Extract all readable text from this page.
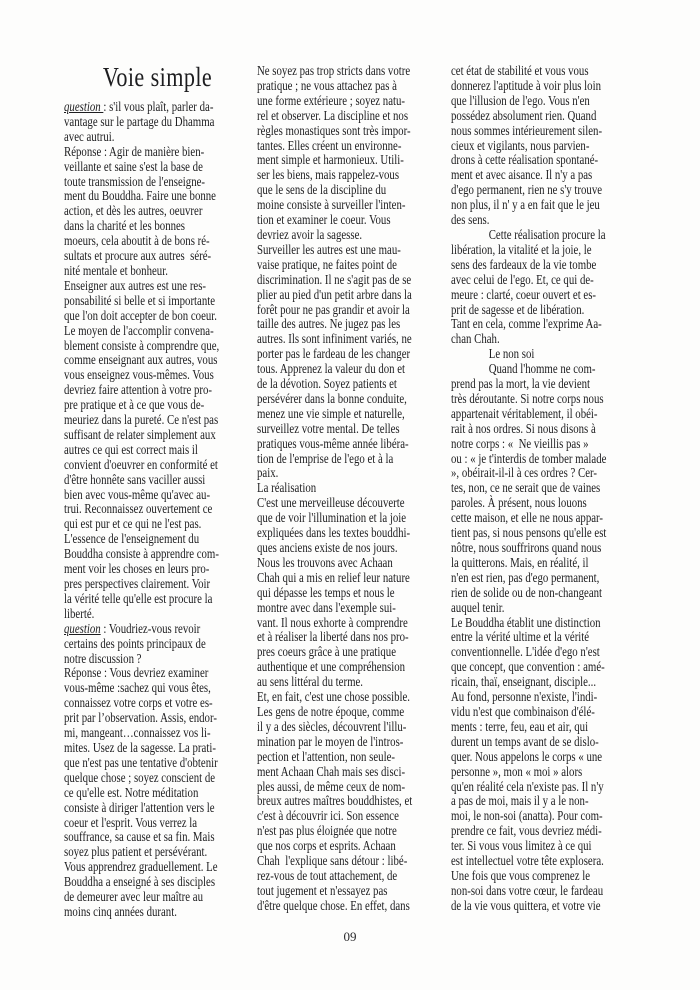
Voie simple
question : s'il vous plaît, parler da-
vantage sur le partage du Dhamma
avec autrui.
Réponse : Agir de manière bien-
veillante et saine s'est la base de
toute transmission de l'enseigne-
ment du Bouddha. Faire une bonne
action, et dès les autres, oeuvrer
dans la charité et les bonnes
moeurs, cela aboutit à de bons ré-
sultats et procure aux autres  séré-
nité mentale et bonheur.
Enseigner aux autres est une res-
ponsabilité si belle et si importante
que l'on doit accepter de bon coeur.
Le moyen de l'accomplir convena-
blement consiste à comprendre que,
comme enseignant aux autres, vous
vous enseignez vous-mêmes. Vous
devriez faire attention à votre pro-
pre pratique et à ce que vous de-
meuriez dans la pureté. Ce n'est pas
suffisant de relater simplement aux
autres ce qui est correct mais il
convient d'oeuvrer en conformité et
d'être honnête sans vaciller aussi
bien avec vous-même qu'avec au-
trui. Reconnaissez ouvertement ce
qui est pur et ce qui ne l'est pas.
L'essence de l'enseignement du
Bouddha consiste à apprendre com-
ment voir les choses en leurs pro-
pres perspectives clairement. Voir
la vérité telle qu'elle est procure la
liberté.
question : Voudriez-vous revoir
certains des points principaux de
notre discussion ?
Réponse : Vous devriez examiner
vous-même :sachez qui vous êtes,
connaissez votre corps et votre es-
prit par l’observation. Assis, endor-
mi, mangeant…connaissez vos li-
mites. Usez de la sagesse. La prati-
que n'est pas une tentative d'obtenir
quelque chose ; soyez conscient de
ce qu'elle est. Notre méditation
consiste à diriger l'attention vers le
coeur et l'esprit. Vous verrez la
souffrance, sa cause et sa fin. Mais
soyez plus patient et persévérant.
Vous apprendrez graduellement. Le
Bouddha a enseigné à ses disciples
de demeurer avec leur maître au
moins cinq années durant.
Ne soyez pas trop stricts dans votre
pratique ; ne vous attachez pas à
une forme extérieure ; soyez natu-
rel et observer. La discipline et nos
règles monastiques sont très impor-
tantes. Elles créent un environne-
ment simple et harmonieux. Utili-
ser les biens, mais rappelez-vous
que le sens de la discipline du
moine consiste à surveiller l'inten-
tion et examiner le coeur. Vous
devriez avoir la sagesse.
Surveiller les autres est une mau-
vaise pratique, ne faites point de
discrimination. Il ne s'agit pas de se
plier au pied d'un petit arbre dans la
forêt pour ne pas grandir et avoir la
taille des autres. Ne jugez pas les
autres. Ils sont infiniment variés, ne
porter pas le fardeau de les changer
tous. Apprenez la valeur du don et
de la dévotion. Soyez patients et
persévérer dans la bonne conduite,
menez une vie simple et naturelle,
surveillez votre mental. De telles
pratiques vous-même année libéra-
tion de l'emprise de l'ego et à la
paix.
La réalisation
C'est une merveilleuse découverte
que de voir l'illumination et la joie
expliquées dans les textes bouddhi-
ques anciens existe de nos jours.
Nous les trouvons avec Achaan
Chah qui a mis en relief leur nature
qui dépasse les temps et nous le
montre avec dans l'exemple sui-
vant. Il nous exhorte à comprendre
et à réaliser la liberté dans nos pro-
pres coeurs grâce à une pratique
authentique et une compréhension
au sens littéral du terme.
Et, en fait, c'est une chose possible.
Les gens de notre époque, comme
il y a des siècles, découvrent l'illu-
mination par le moyen de l'intros-
pection et l'attention, non seule-
ment Achaan Chah mais ses disci-
ples aussi, de même ceux de nom-
breux autres maîtres bouddhistes, et
c'est à découvrir ici. Son essence
n'est pas plus éloignée que notre
que nos corps et esprits. Achaan
Chah  l'explique sans détour : libé-
rez-vous de tout attachement, de
tout jugement et n'essayez pas
d'être quelque chose. En effet, dans
cet état de stabilité et vous vous
donnerez l'aptitude à voir plus loin
que l'illusion de l'ego. Vous n'en
possédez absolument rien. Quand
nous sommes intérieurement silen-
cieux et vigilants, nous parvien-
drons à cette réalisation spontané-
ment et avec aisance. Il n'y a pas
d'ego permanent, rien ne s'y trouve
non plus, il n' y a en fait que le jeu
des sens.
Cette réalisation procure la
libération, la vitalité et la joie, le
sens des fardeaux de la vie tombe
avec celui de l'ego. Et, ce qui de-
meure : clarté, coeur ouvert et es-
prit de sagesse et de libération.
Tant en cela, comme l'exprime Aa-
chan Chah.
Le non soi
Quand l'homme ne com-
prend pas la mort, la vie devient
très déroutante. Si notre corps nous
appartenait véritablement, il obéi-
rait à nos ordres. Si nous disons à
notre corps : «  Ne vieillis pas »
ou : « je t'interdis de tomber malade
», obéirait-il-il à ces ordres ? Cer-
tes, non, ce ne serait que de vaines
paroles. À présent, nous louons
cette maison, et elle ne nous appar-
tient pas, si nous pensons qu'elle est
nôtre, nous souffrirons quand nous
la quitterons. Mais, en réalité, il
n'en est rien, pas d'ego permanent,
rien de solide ou de non-changeant
auquel tenir.
Le Bouddha établit une distinction
entre la vérité ultime et la vérité
conventionnelle. L'idée d'ego n'est
que concept, que convention : amé-
ricain, thaï, enseignant, disciple...
Au fond, personne n'existe, l'indi-
vidu n'est que combinaison d'élé-
ments : terre, feu, eau et air, qui
durent un temps avant de se dislo-
quer. Nous appelons le corps « une
personne », mon « moi » alors
qu'en réalité cela n'existe pas. Il n'y
a pas de moi, mais il y a le non-
moi, le non-soi (anatta). Pour com-
prendre ce fait, vous devriez médi-
ter. Si vous vous limitez à ce qui
est intellectuel votre tête explosera.
Une fois que vous comprenez le
non-soi dans votre cœur, le fardeau
de la vie vous quittera, et votre vie
09
